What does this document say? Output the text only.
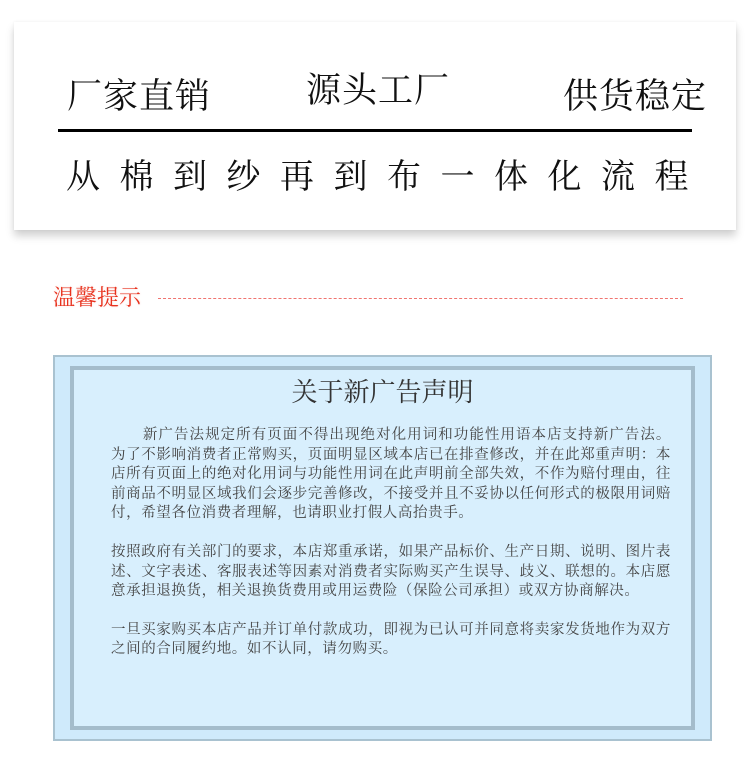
厂家直销	源头工厂	供货稳定
从棉到纱再到布一体化流程
温馨提示
关于新广告声明

新广告法规定所有页面不得出现绝对化用词和功能性用语本店支持新广告法。为了不影响消费者正常购买，页面明显区域本店已在排查修改，并在此郑重声明：本店所有页面上的绝对化用词与功能性用词在此声明前全部失效，不作为赔付理由，往前商品不明显区域我们会逐步完善修改，不接受并且不妥协以任何形式的极限用词赔付，希望各位消费者理解，也请职业打假人高抬贵手。

按照政府有关部门的要求，本店郑重承诺，如果产品标价、生产日期、说明、图片表述、文字表述、客服表述等因素对消费者实际购买产生误导、歧义、联想的。本店愿意承担退换货，相关退换货费用或用运费险（保险公司承担）或双方协商解决。

一旦买家购买本店产品并订单付款成功，即视为已认可并同意将卖家发货地作为双方之间的合同履约地。如不认同，请勿购买。
